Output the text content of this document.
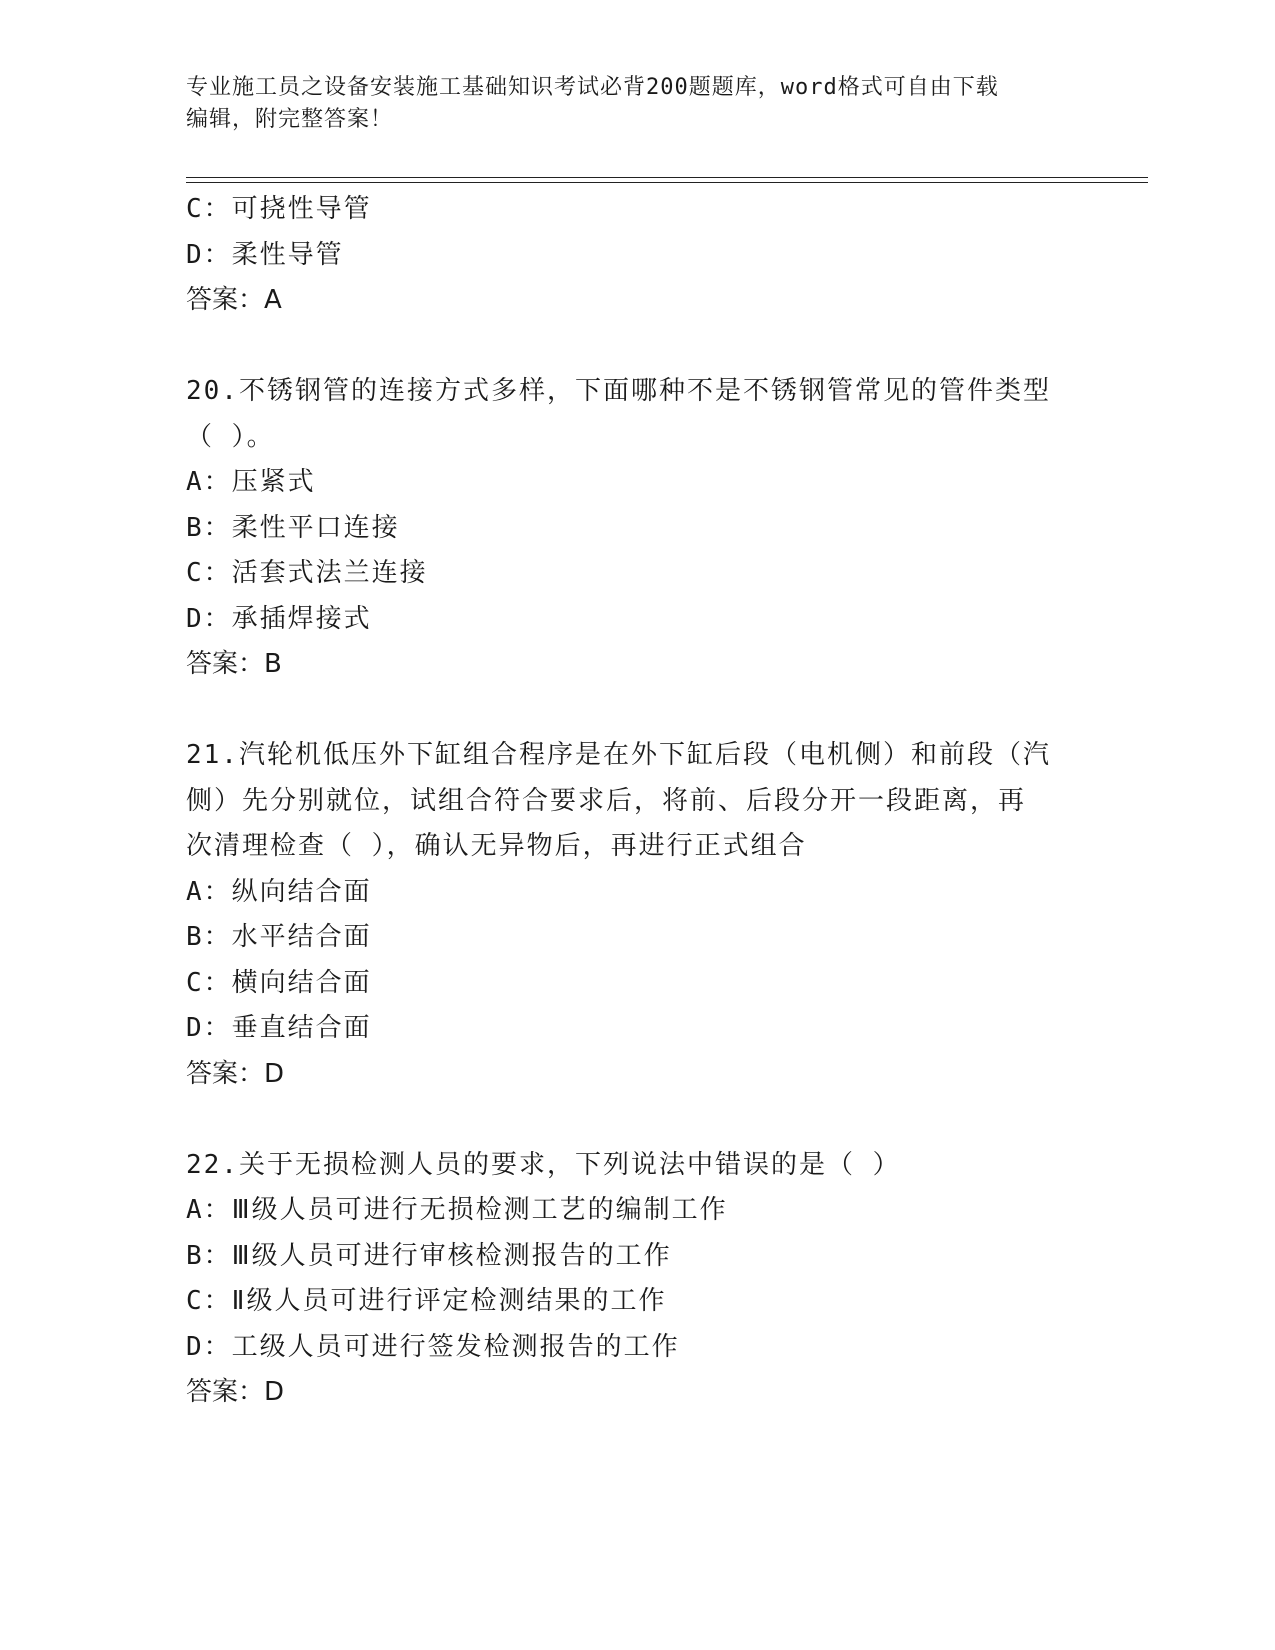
专业施工员之设备安装施工基础知识考试必背200题题库，word格式可自由下载
编辑，附完整答案！
C：可挠性导管
D：柔性导管
答案：A
20.不锈钢管的连接方式多样，下面哪种不是不锈钢管常见的管件类型
（ ）。
A：压紧式
B：柔性平口连接
C：活套式法兰连接
D：承插焊接式
答案：B
21.汽轮机低压外下缸组合程序是在外下缸后段（电机侧）和前段（汽
侧）先分别就位，试组合符合要求后，将前、后段分开一段距离，再
次清理检查（ ），确认无异物后，再进行正式组合
A：纵向结合面
B：水平结合面
C：横向结合面
D：垂直结合面
答案：D
22.关于无损检测人员的要求，下列说法中错误的是（ ）
A：Ⅲ级人员可进行无损检测工艺的编制工作
B：Ⅲ级人员可进行审核检测报告的工作
C：Ⅱ级人员可进行评定检测结果的工作
D：工级人员可进行签发检测报告的工作
答案：D
